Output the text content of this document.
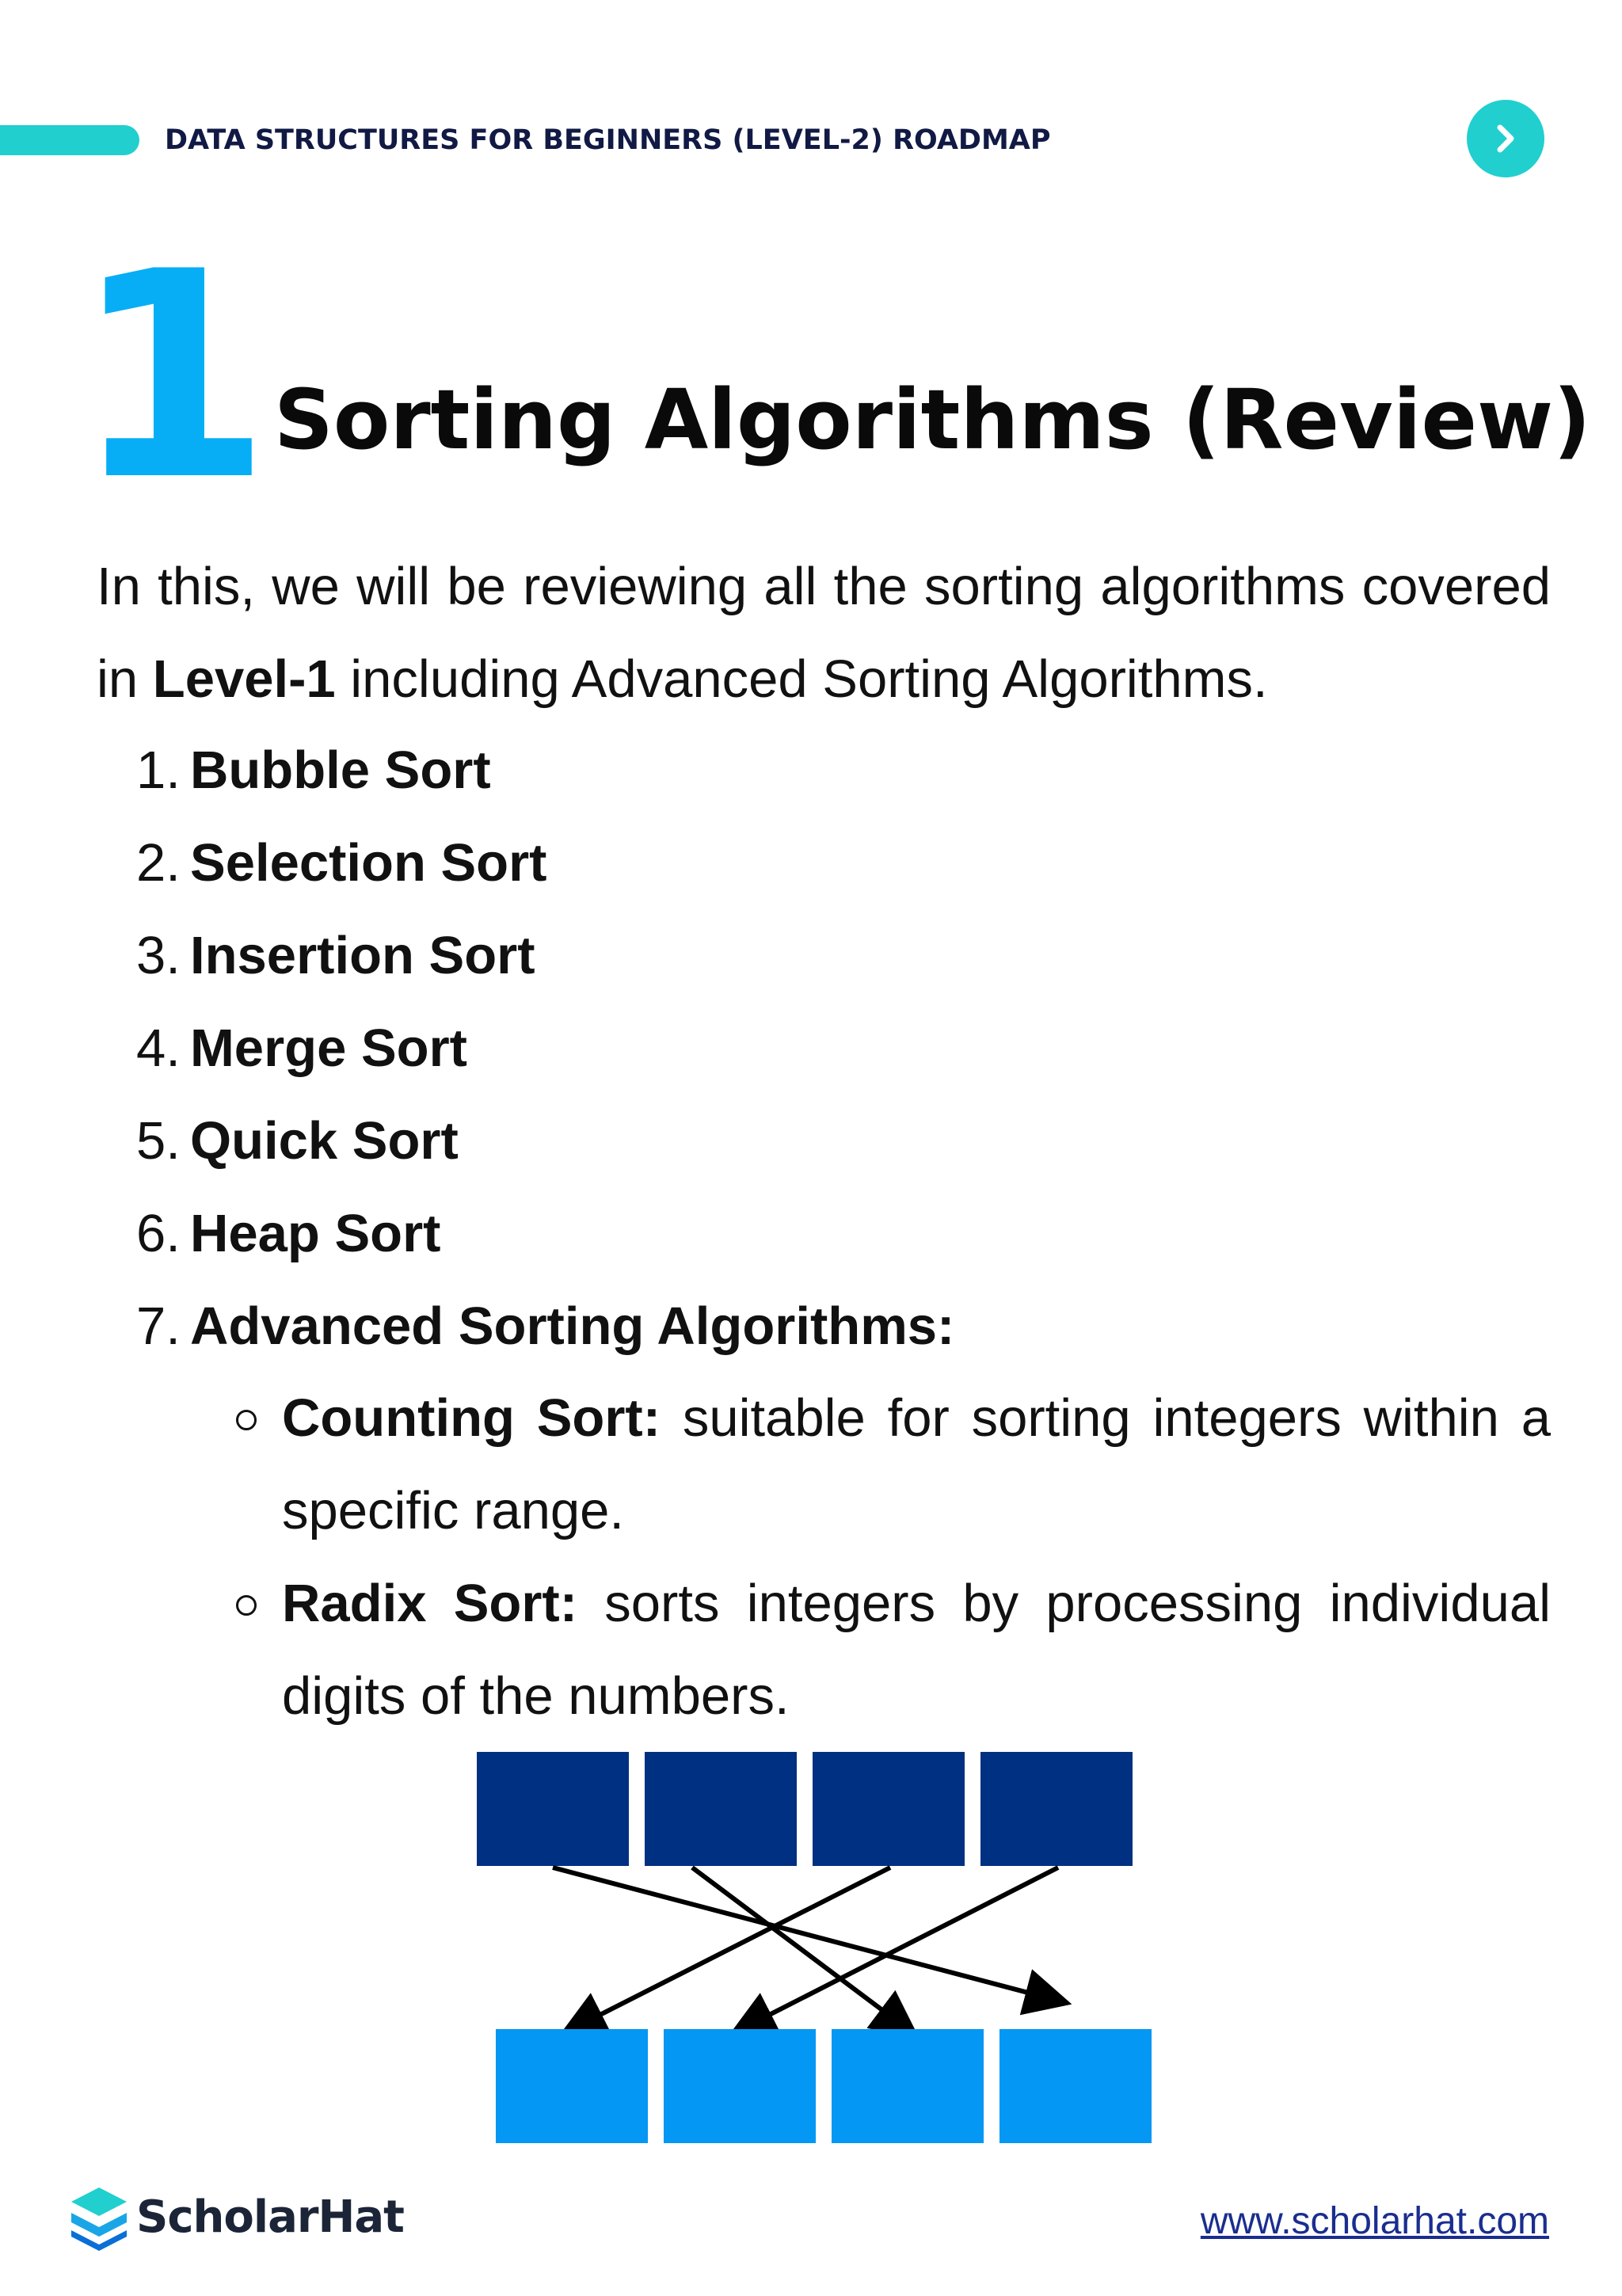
DATA STRUCTURES FOR BEGINNERS (LEVEL-2) ROADMAP
1 Sorting Algorithms (Review)

In this, we will be reviewing all the sorting algorithms covered in Level-1 including Advanced Sorting Algorithms.

1. Bubble Sort
2. Selection Sort
3. Insertion Sort
4. Merge Sort
5. Quick Sort
6. Heap Sort
7. Advanced Sorting Algorithms:
Counting Sort: suitable for sorting integers within a specific range.
Radix Sort: sorts integers by processing individual digits of the numbers.
ScholarHat	www.scholarhat.com
